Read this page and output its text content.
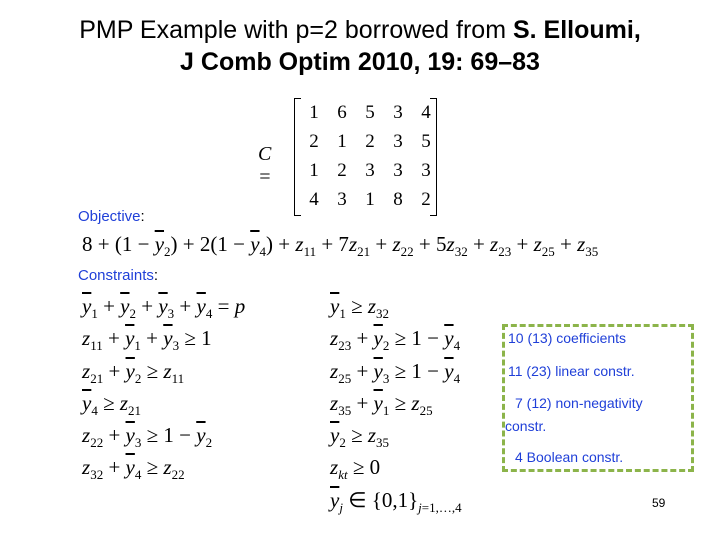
PMP Example with p=2 borrowed from S. Elloumi,
J Comb Optim 2010, 19: 69–83
C =
1 6 5 3 4
2 1 2 3 5
1 2 3 3 3
4 3 1 8 2
Objective:
$8 + (1 - \overline{y}_2) + 2(1 - \overline{y}_4) + z_{11} + 7z_{21} + z_{22} + 5z_{32} + z_{23} + z_{25} + z_{35}$
Constraints:
$\overline{y}_1 + \overline{y}_2 + \overline{y}_3 + \overline{y}_4 = p$
$z_{11} + \overline{y}_1 + \overline{y}_3 \ge 1$
$z_{21} + \overline{y}_2 \ge z_{11}$
$\overline{y}_4 \ge z_{21}$
$z_{22} + \overline{y}_3 \ge 1 - \overline{y}_2$
$z_{32} + \overline{y}_4 \ge z_{22}$
$\overline{y}_1 \ge z_{32}$
$z_{23} + \overline{y}_2 \ge 1 - \overline{y}_4$
$z_{25} + \overline{y}_3 \ge 1 - \overline{y}_4$
$z_{35} + \overline{y}_1 \ge z_{25}$
$\overline{y}_2 \ge z_{35}$
$z_{kt} \ge 0$
$\overline{y}_j$ ∈ $\{0,1\}_{j=1,\dots,4}$
10 (13) coefficients
11 (23) linear constr.
7 (12) non-negativity
constr.
4 Boolean constr.
59
